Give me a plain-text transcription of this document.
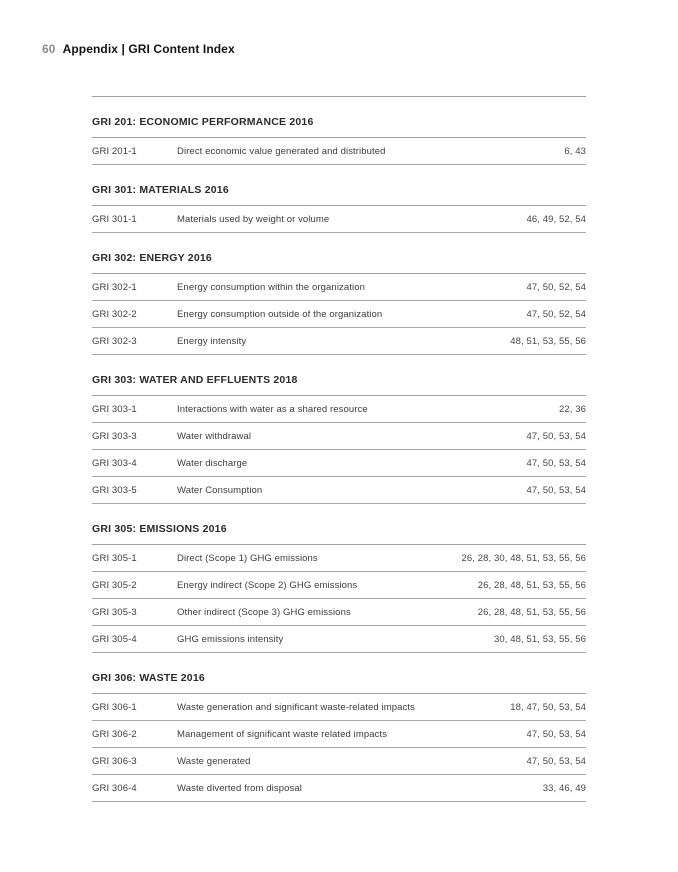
60 Appendix | GRI Content Index
GRI 201: ECONOMIC PERFORMANCE 2016
GRI 201-1	Direct economic value generated and distributed	6, 43
GRI 301: MATERIALS 2016
GRI 301-1	Materials used by weight or volume	46, 49, 52, 54
GRI 302: ENERGY 2016
GRI 302-1	Energy consumption within the organization	47, 50, 52, 54
GRI 302-2	Energy consumption outside of the organization	47, 50, 52, 54
GRI 302-3	Energy intensity	48, 51, 53, 55, 56
GRI 303: WATER AND EFFLUENTS 2018
GRI 303-1	Interactions with water as a shared resource	22, 36
GRI 303-3	Water withdrawal	47, 50, 53, 54
GRI 303-4	Water discharge	47, 50, 53, 54
GRI 303-5	Water Consumption	47, 50, 53, 54
GRI 305: EMISSIONS 2016
GRI 305-1	Direct (Scope 1) GHG emissions	26, 28, 30, 48, 51, 53, 55, 56
GRI 305-2	Energy indirect (Scope 2) GHG emissions	26, 28, 48, 51, 53, 55, 56
GRI 305-3	Other indirect (Scope 3) GHG emissions	26, 28, 48, 51, 53, 55, 56
GRI 305-4	GHG emissions intensity	30, 48, 51, 53, 55, 56
GRI 306: WASTE 2016
GRI 306-1	Waste generation and significant waste-related impacts	18, 47, 50, 53, 54
GRI 306-2	Management of significant waste related impacts	47, 50, 53, 54
GRI 306-3	Waste generated	47, 50, 53, 54
GRI 306-4	Waste diverted from disposal	33, 46, 49
